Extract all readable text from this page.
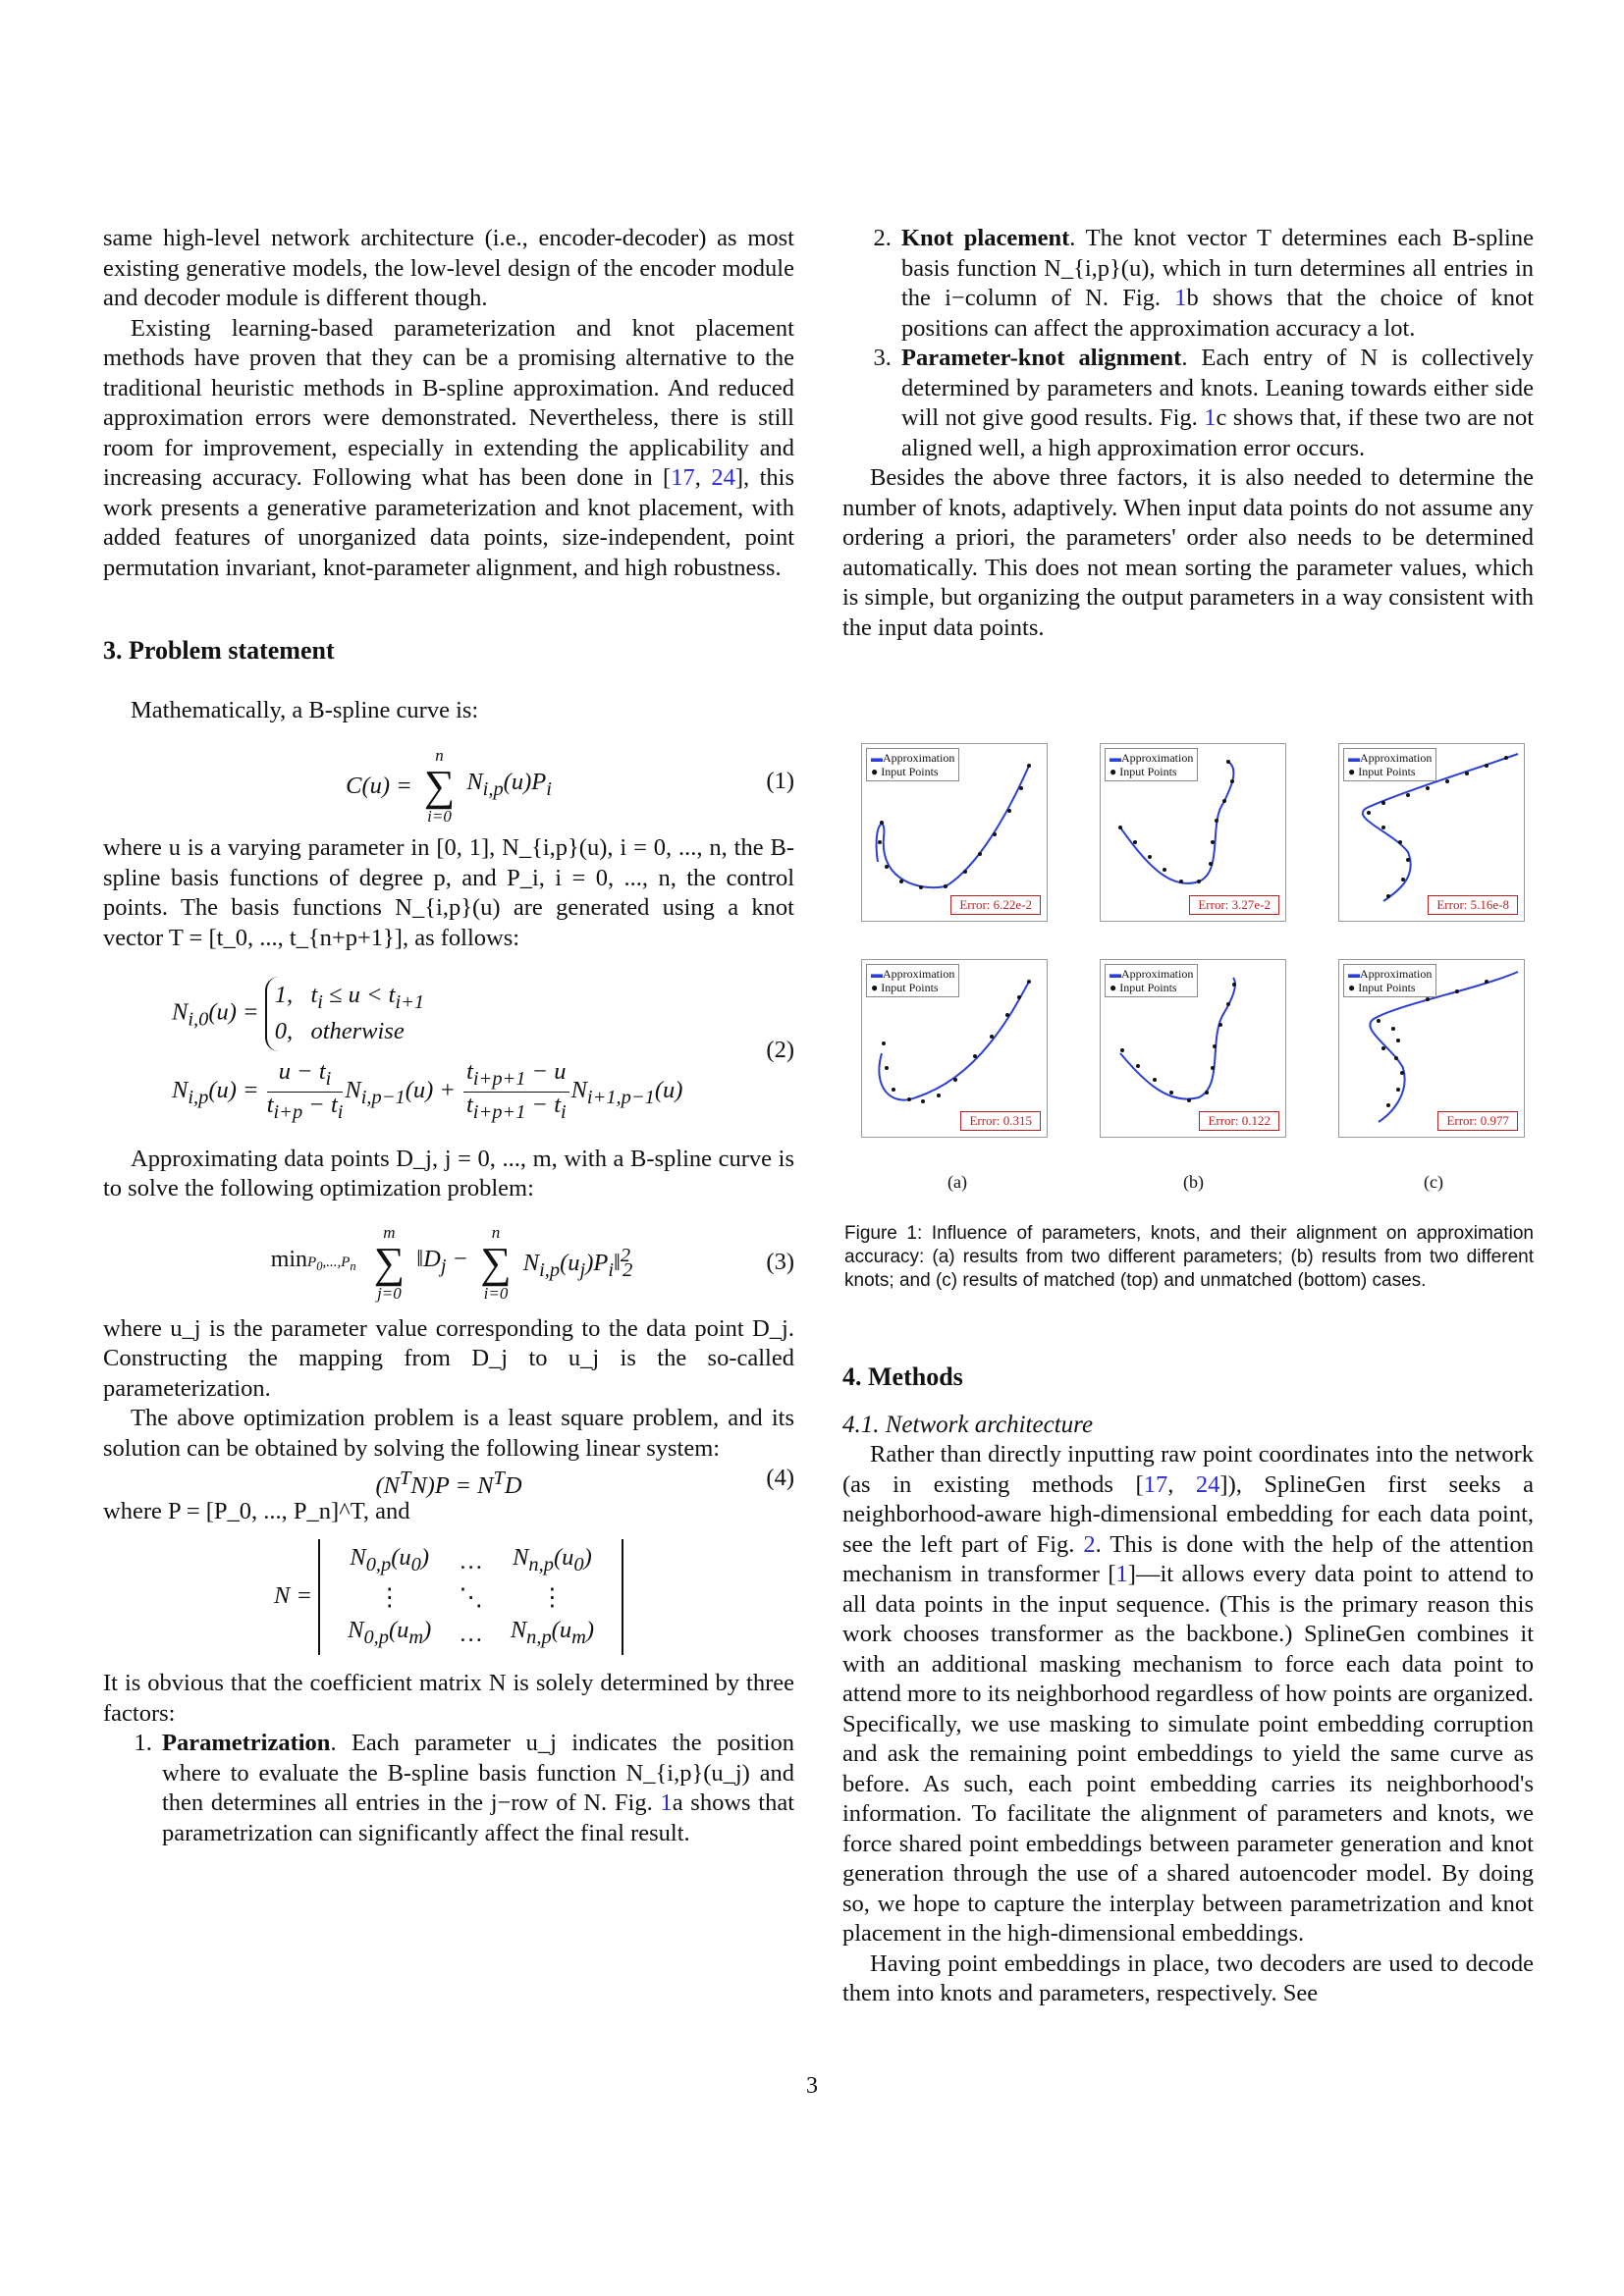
same high-level network architecture (i.e., encoder-decoder) as most existing generative models, the low-level design of the encoder module and decoder module is different though.

Existing learning-based parameterization and knot placement methods have proven that they can be a promising alternative to the traditional heuristic methods in B-spline approximation. And reduced approximation errors were demonstrated. Nevertheless, there is still room for improvement, especially in extending the applicability and increasing accuracy. Following what has been done in [17, 24], this work presents a generative parameterization and knot placement, with added features of unorganized data points, size-independent, point permutation invariant, knot-parameter alignment, and high robustness.

3. Problem statement

Mathematically, a B-spline curve is:

C(u) = n
∑
i=0 $N_{i,p}(u)P_i$	(1)

where u is a varying parameter in [0, 1], N_{i,p}(u), i = 0, ..., n, the B-spline basis functions of degree p, and P_i, i = 0, ..., n, the control points. The basis functions N_{i,p}(u) are generated using a knot vector T = [t_0, ..., t_{n+p+1}], as follows:

$N_{i,0}(u)$ =
1,   $t_i \le u < t_{i+1}$
0,   otherwise
$N_{i,p}(u) = \frac{u - t_i}{t_{i+p} - t_i} N_{i,p-1}(u) + \frac{t_{i+p+1} - u}{t_{i+p+1} - t_i} N_{i+1,p-1}(u)$
(2)

Approximating data points D_j, j = 0, ..., m, with a B-spline curve is to solve the following optimization problem:

$\min P_0,...,P_n$ m
∑
j=0 $‖D_j - n$
∑
i=0 $N_{i,p}(u_j)P_i‖^2_2$	(3)

where u_j is the parameter value corresponding to the data point D_j. Constructing the mapping from D_j to u_j is the so-called parameterization.

The above optimization problem is a least square problem, and its solution can be obtained by solving the following linear system:

$(N^TN)P = N^TD$	(4)

where P = [P_0, ..., P_n]^T, and

N =
$N_{0,p}(u_0)$	…	$N_{n,p}(u_0)$
⋮	⋱	⋮
$N_{0,p}(u_m)$	…	$N_{n,p}(u_m)$

It is obvious that the coefficient matrix N is solely determined by three factors:

1. Parametrization. Each parameter u_j indicates the position where to evaluate the B-spline basis function N_{i,p}(u_j) and then determines all entries in the j−row of N. Fig. 1a shows that parametrization can significantly affect the final result.
2. Knot placement. The knot vector T determines each B-spline basis function N_{i,p}(u), which in turn determines all entries in the i−column of N. Fig. 1b shows that the choice of knot positions can affect the approximation accuracy a lot.
3. Parameter-knot alignment. Each entry of N is collectively determined by parameters and knots. Leaning towards either side will not give good results. Fig. 1c shows that, if these two are not aligned well, a high approximation error occurs.

Besides the above three factors, it is also needed to determine the number of knots, adaptively. When input data points do not assume any ordering a priori, the parameters' order also needs to be determined automatically. This does not mean sorting the parameter values, which is simple, but organizing the output parameters in a way consistent with the input data points.

▬Approximation
● Input Points
Error: 6.22e-2
▬Approximation
● Input Points
Error: 3.27e-2
▬Approximation
● Input Points
Error: 5.16e-8
▬Approximation
● Input Points
Error: 0.315
▬Approximation
● Input Points
Error: 0.122
▬Approximation
● Input Points
Error: 0.977
(a)	(b)	(c)
Figure 1: Influence of parameters, knots, and their alignment on approximation accuracy: (a) results from two different parameters; (b) results from two different knots; and (c) results of matched (top) and unmatched (bottom) cases.
4. Methods
4.1. Network architecture

Rather than directly inputting raw point coordinates into the network (as in existing methods [17, 24]), SplineGen first seeks a neighborhood-aware high-dimensional embedding for each data point, see the left part of Fig. 2. This is done with the help of the attention mechanism in transformer [1]—it allows every data point to attend to all data points in the input sequence. (This is the primary reason this work chooses transformer as the backbone.) SplineGen combines it with an additional masking mechanism to force each data point to attend more to its neighborhood regardless of how points are organized. Specifically, we use masking to simulate point embedding corruption and ask the remaining point embeddings to yield the same curve as before. As such, each point embedding carries its neighborhood's information. To facilitate the alignment of parameters and knots, we force shared point embeddings between parameter generation and knot generation through the use of a shared autoencoder model. By doing so, we hope to capture the interplay between parametrization and knot placement in the high-dimensional embeddings.

Having point embeddings in place, two decoders are used to decode them into knots and parameters, respectively. See

3
